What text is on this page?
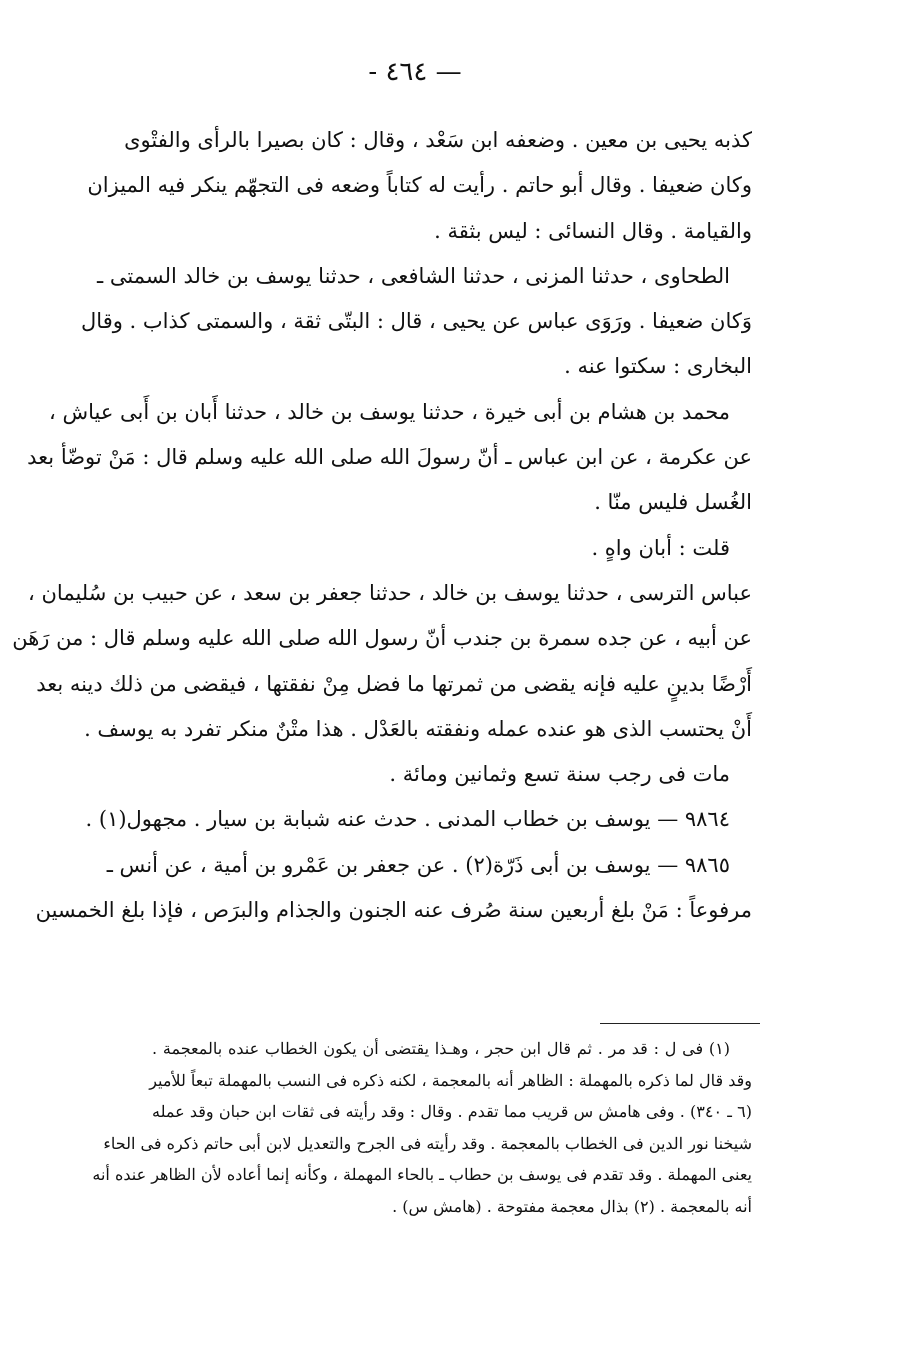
— ٤٦٤ -
كذبه يحيى بن معين . وضعفه ابن سَعْد ، وقال : كان بصيرا بالرأى والفتْوى
وكان ضعيفا . وقال أبو حاتم . رأيت له كتاباً وضعه فى التجهّم ينكر فيه الميزان
والقيامة . وقال النسائى : ليس بثقة .
الطحاوى ، حدثنا المزنى ، حدثنا الشافعى ، حدثنا يوسف بن خالد السمتى ـ
وَكان ضعيفا . ورَوَى عباس عن يحيى ، قال : البتّى ثقة ، والسمتى كذاب . وقال
البخارى : سكتوا عنه .
محمد بن هشام بن أبى خيرة ، حدثنا يوسف بن خالد ، حدثنا أَبان بن أَبى عياش ،
عن عكرمة ، عن ابن عباس ـ أنّ رسولَ الله صلى الله عليه وسلم قال : مَنْ توضّأ بعد
الغُسل فليس منّا .
قلت : أبان واهٍ .
عباس الترسى ، حدثنا يوسف بن خالد ، حدثنا جعفر بن سعد ، عن حبيب بن سُليمان ،
عن أبيه ، عن جده سمرة بن جندب أنّ رسول الله صلى الله عليه وسلم قال : من رَهَن
أَرْضًا بدينٍ عليه فإنه يقضى من ثمرتها ما فضل مِنْ نفقتها ، فيقضى من ذلك دينه بعد
أَنْ يحتسب الذى هو عنده عمله ونفقته بالعَدْل . هذا متْنٌ منكر تفرد به يوسف .
مات فى رجب سنة تسع وثمانين ومائة .
٩٨٦٤ — يوسف بن خطاب المدنى . حدث عنه شبابة بن سيار . مجهول(١) .
٩٨٦٥ — يوسف بن أبى ذَرّة(٢) . عن جعفر بن عَمْرو بن أمية ، عن أنس ـ
مرفوعاً : مَنْ بلغ أربعين سنة صُرف عنه الجنون والجذام والبرَص ، فإذا بلغ الخمسين
(١) فى ل : قد مر . ثم قال ابن حجر ، وهـذا يقتضى أن يكون الخطاب عنده بالمعجمة .
وقد قال لما ذكره بالمهملة : الظاهر أنه بالمعجمة ، لكنه ذكره فى النسب بالمهملة تبعاً للأمير
(٦ ـ ٣٤٠) . وفى هامش س قريب مما تقدم . وقال : وقد رأيته فى ثقات ابن حبان وقد عمله
شيخنا نور الدين فى الخطاب بالمعجمة . وقد رأيته فى الجرح والتعديل لابن أبى حاتم ذكره فى الحاء
يعنى المهملة . وقد تقدم فى يوسف بن حطاب ـ بالحاء المهملة ، وكأنه إنما أعاده لأن الظاهر عنده أنه
أنه بالمعجمة . (٢) بذال معجمة مفتوحة . (هامش س) .
